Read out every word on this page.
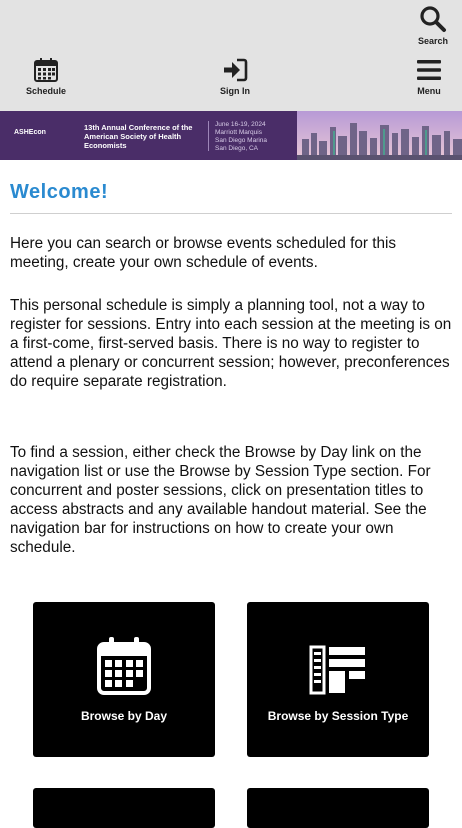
Search
Schedule	Sign In	Menu
ASHEcon
13th Annual Conference of the American Society of Health Economists
June 16-19, 2024
Marriott Marquis
San Diego Marina
San Diego, CA
Welcome!

Here you can search or browse events scheduled for this meeting, create your own schedule of events.

This personal schedule is simply a planning tool, not a way to register for sessions. Entry into each session at the meeting is on a first-come, first-served basis. There is no way to register to attend a plenary or concurrent session; however, preconferences do require separate registration.

To find a session, either check the Browse by Day link on the navigation list or use the Browse by Session Type section. For concurrent and poster sessions, click on presentation titles to access abstracts and any available handout material. See the navigation bar for instructions on how to create your own schedule.

Browse by Day	Browse by Session Type
